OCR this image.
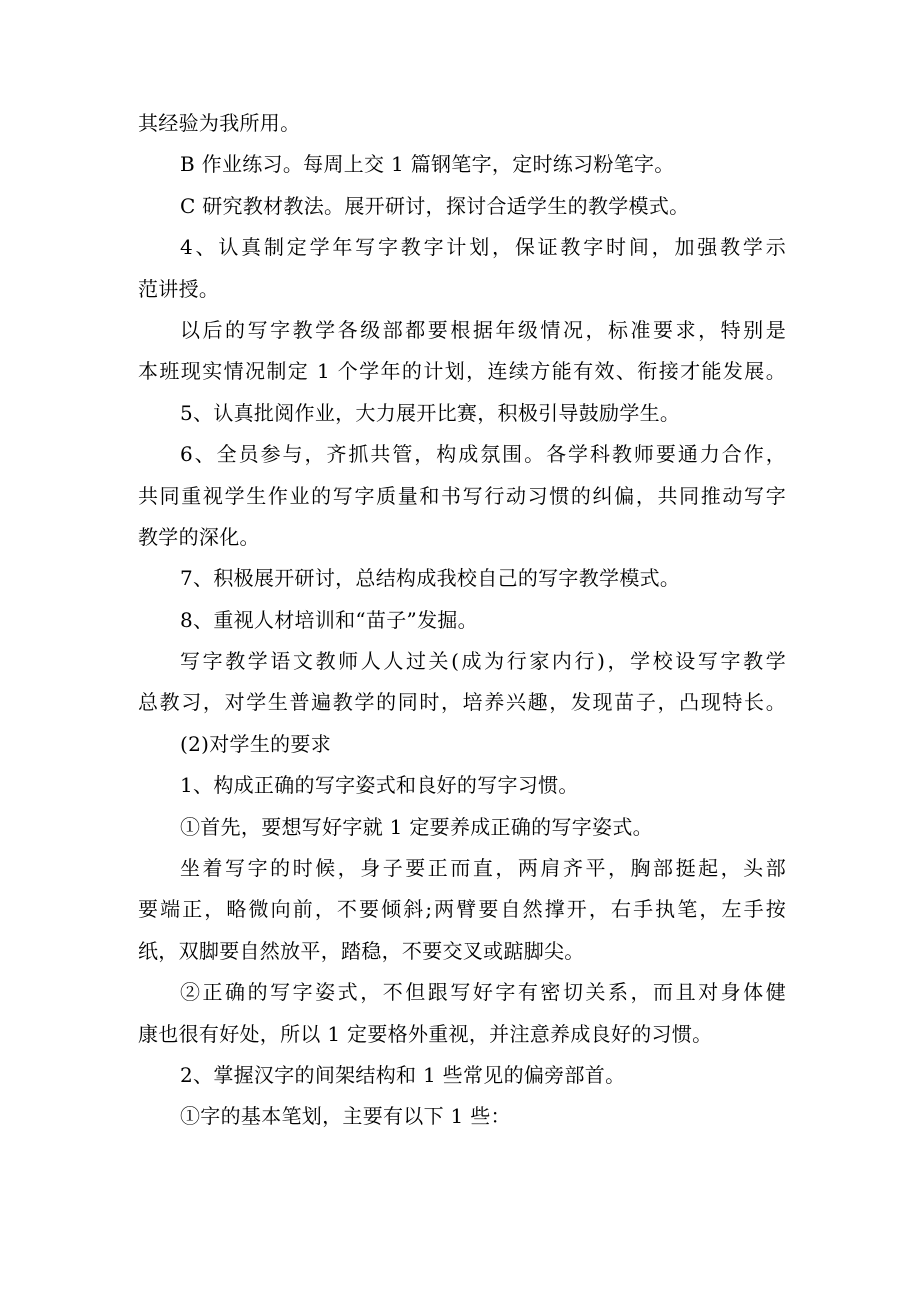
其经验为我所用。
B 作业练习。每周上交 1 篇钢笔字，定时练习粉笔字。
C 研究教材教法。展开研讨，探讨合适学生的教学模式。
4、认真制定学年写字教字计划，保证教字时间，加强教学示
范讲授。
以后的写字教学各级部都要根据年级情况，标准要求，特别是
本班现实情况制定 1 个学年的计划，连续方能有效、衔接才能发展。
5、认真批阅作业，大力展开比赛，积极引导鼓励学生。
6、全员参与，齐抓共管，构成氛围。各学科教师要通力合作，
共同重视学生作业的写字质量和书写行动习惯的纠偏，共同推动写字
教学的深化。
7、积极展开研讨，总结构成我校自己的写字教学模式。
8、重视人材培训和“苗子”发掘。
写字教学语文教师人人过关(成为行家内行)，学校设写字教学
总教习，对学生普遍教学的同时，培养兴趣，发现苗子，凸现特长。
(2)对学生的要求
1、构成正确的写字姿式和良好的写字习惯。
①首先，要想写好字就 1 定要养成正确的写字姿式。
坐着写字的时候，身子要正而直，两肩齐平，胸部挺起，头部
要端正，略微向前，不要倾斜;两臂要自然撑开，右手执笔，左手按
纸，双脚要自然放平，踏稳，不要交叉或踮脚尖。
②正确的写字姿式，不但跟写好字有密切关系，而且对身体健
康也很有好处，所以 1 定要格外重视，并注意养成良好的习惯。
2、掌握汉字的间架结构和 1 些常见的偏旁部首。
①字的基本笔划，主要有以下 1 些：
